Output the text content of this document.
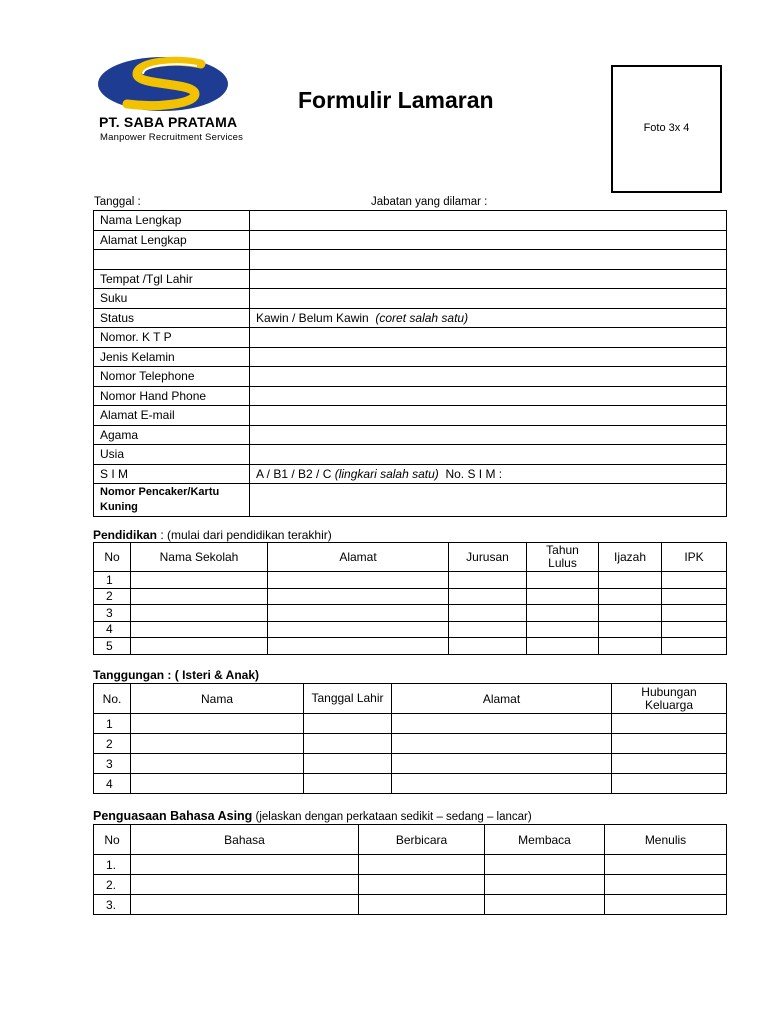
PT. SABA PRATAMA
Manpower Recruitment Services
Formulir Lamaran
Foto 3x 4
Tanggal :	Jabatan yang dilamar :
Nama Lengkap	
Alamat Lengkap	

Tempat /Tgl Lahir	
Suku	
Status	Kawin / Belum Kawin (coret salah satu)
Nomor. K T P	
Jenis Kelamin	
Nomor Telephone	
Nomor Hand Phone	
Alamat E-mail	
Agama	
Usia	
S I M	A / B1 / B2 / C (lingkari salah satu) No. S I M :
Nomor Pencaker/Kartu Kuning	
Pendidikan : (mulai dari pendidikan terakhir)
No	Nama Sekolah	Alamat	Jurusan	Tahun Lulus	Ijazah	IPK
1						
2						
3						
4						
5						
Tanggungan : ( Isteri & Anak)
No.	Nama	Tanggal Lahir	Alamat	Hubungan Keluarga
1				
2				
3				
4				
Penguasaan Bahasa Asing (jelaskan dengan perkataan sedikit – sedang – lancar)
No	Bahasa	Berbicara	Membaca	Menulis
1.				
2.				
3.				
